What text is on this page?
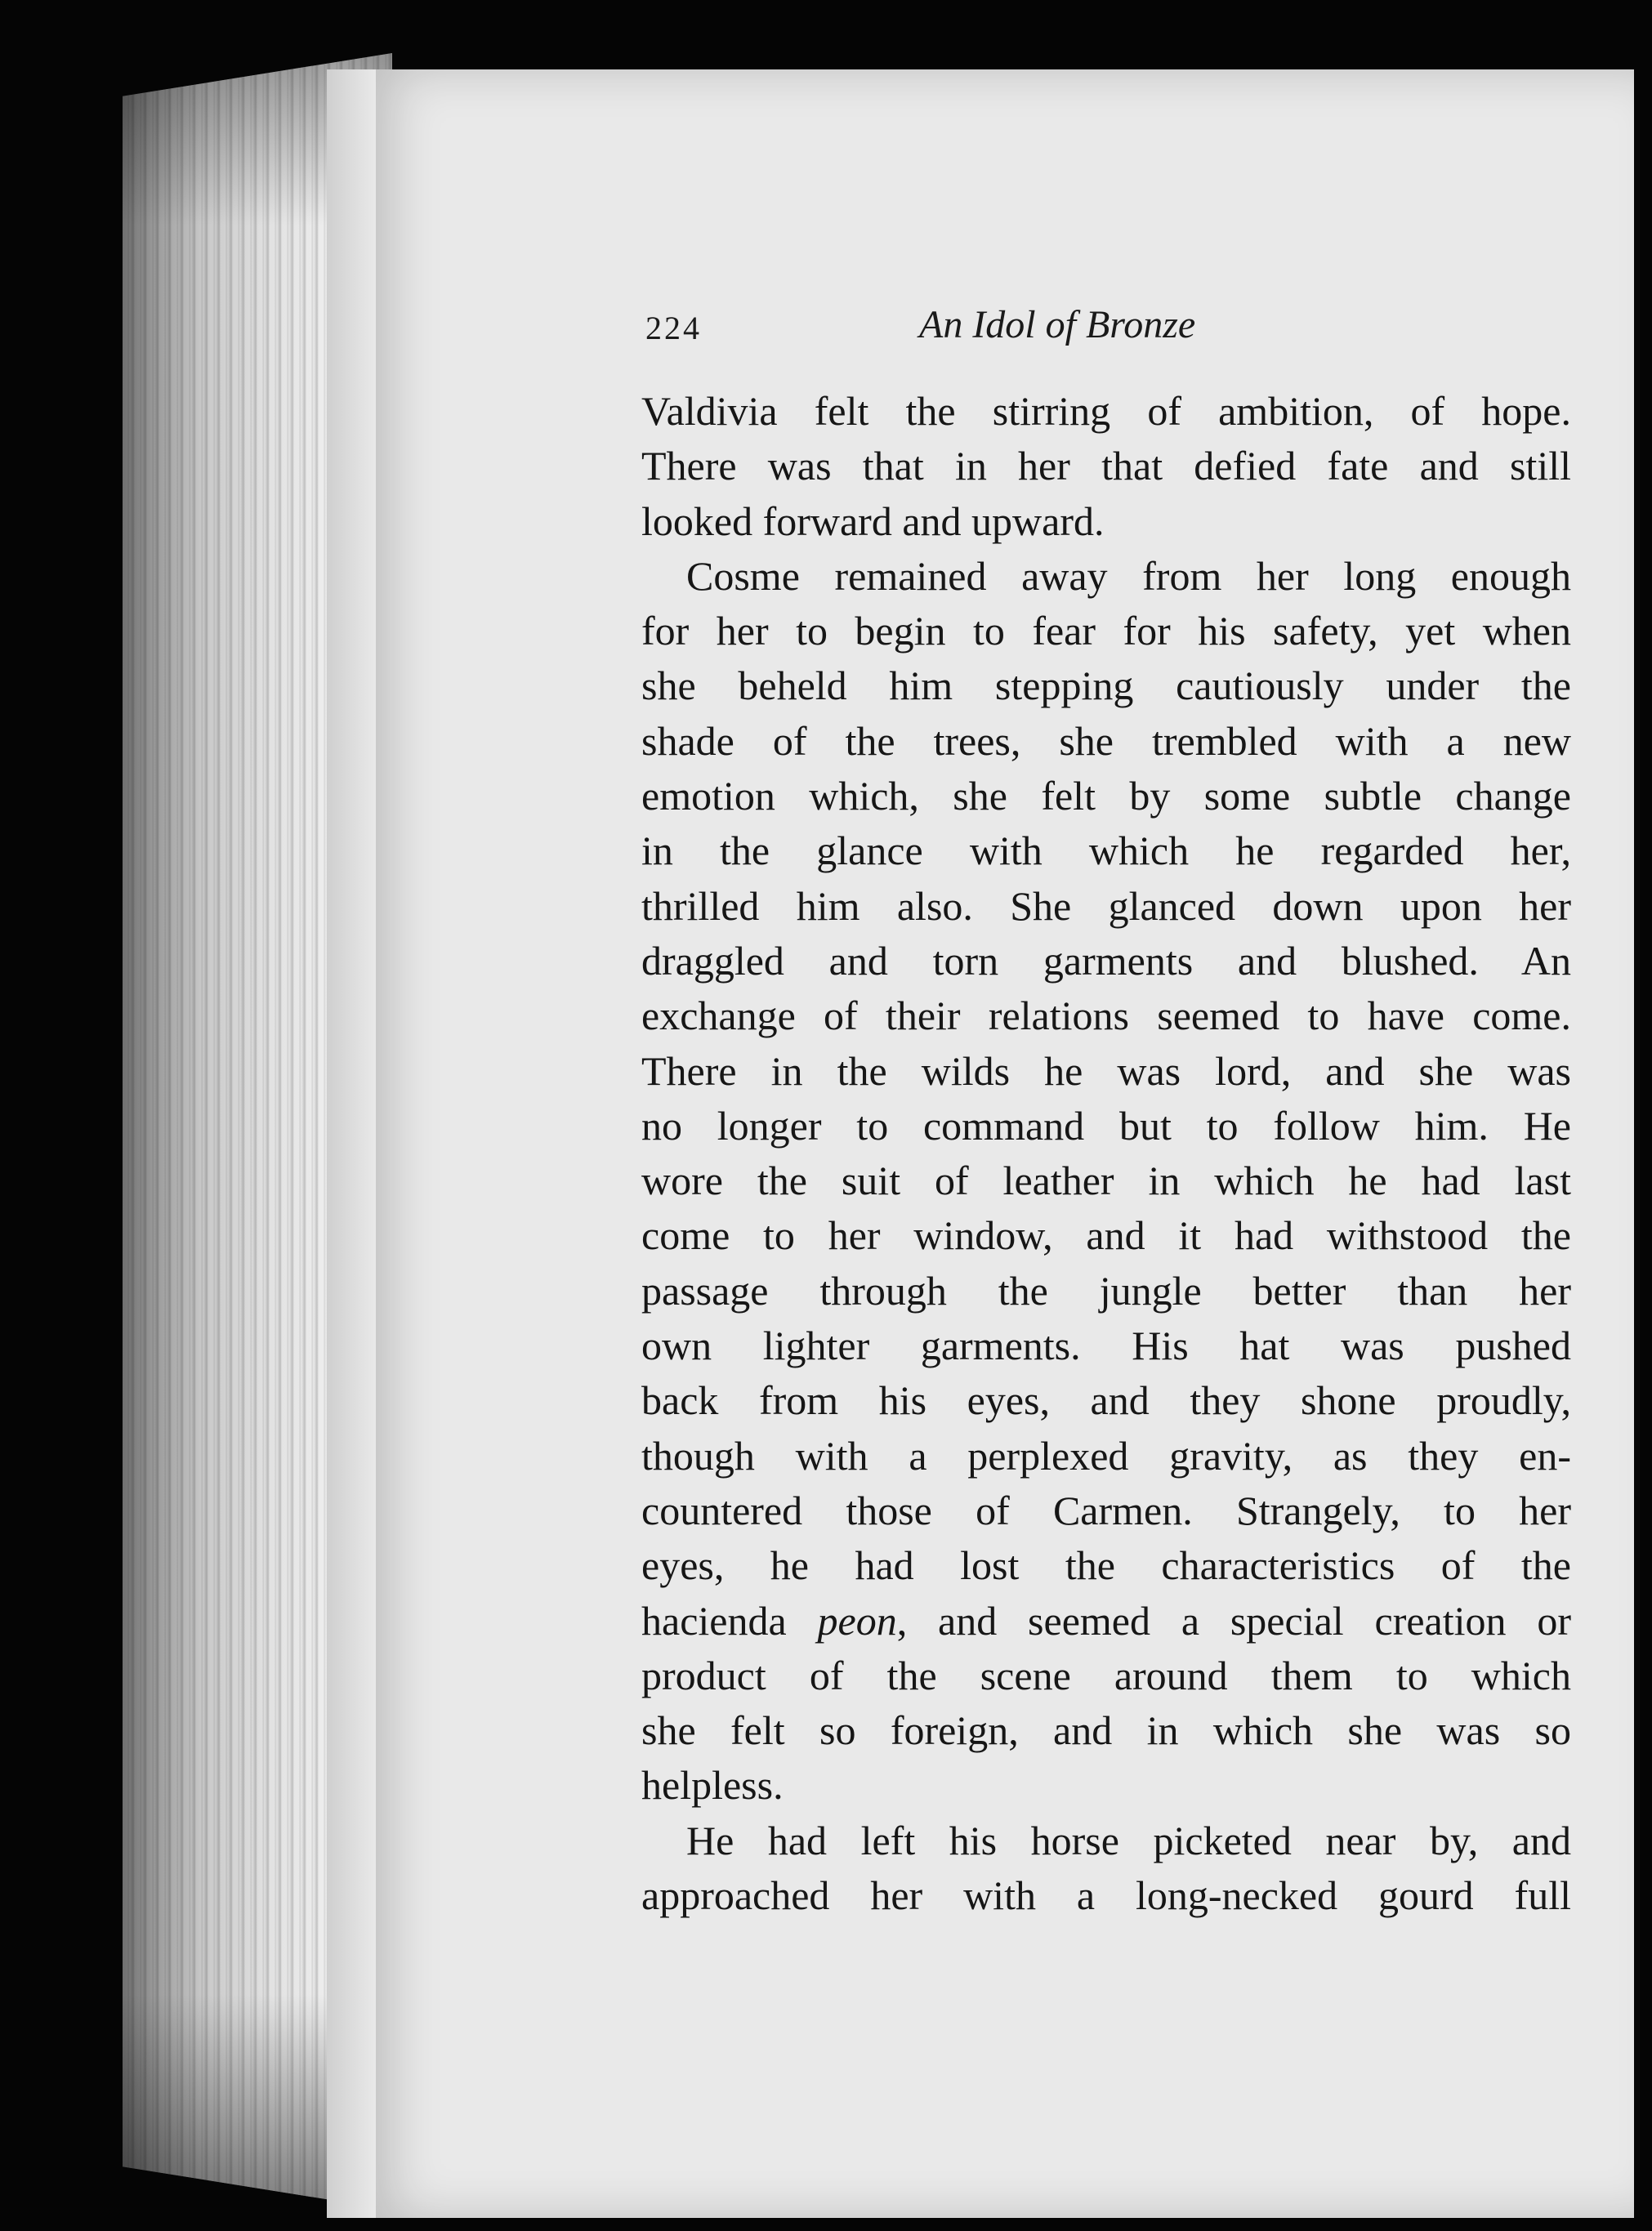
224	An Idol of Bronze

Valdivia felt the stirring of ambition, of hope.
There was that in her that defied fate and still
looked forward and upward.

Cosme remained away from her long enough
for her to begin to fear for his safety, yet when
she beheld him stepping cautiously under the
shade of the trees, she trembled with a new
emotion which, she felt by some subtle change
in the glance with which he regarded her,
thrilled him also. She glanced down upon her
draggled and torn garments and blushed. An
exchange of their relations seemed to have come.
There in the wilds he was lord, and she was
no longer to command but to follow him. He
wore the suit of leather in which he had last
come to her window, and it had withstood the
passage through the jungle better than her
own lighter garments. His hat was pushed
back from his eyes, and they shone proudly,
though with a perplexed gravity, as they en-
countered those of Carmen. Strangely, to her
eyes, he had lost the characteristics of the
hacienda peon, and seemed a special creation or
product of the scene around them to which
she felt so foreign, and in which she was so
helpless.

He had left his horse picketed near by, and
approached her with a long-necked gourd full
